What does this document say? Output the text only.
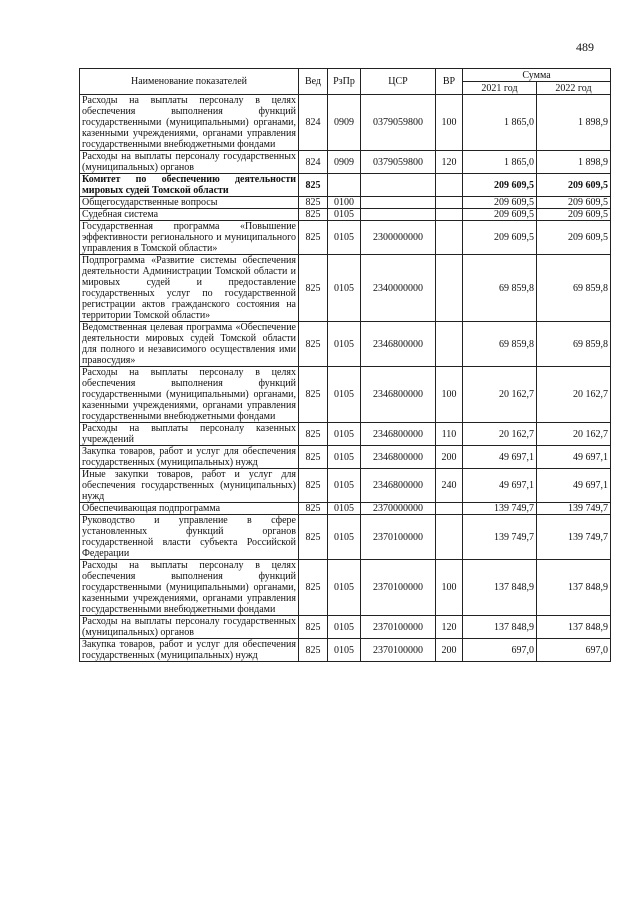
489
Наименование показателей	Вед	РзПр	ЦСР	ВР	Сумма	
					2021 год	2022 год
Расходы на выплаты персоналу в целях обеспечения выполнения функций государственными (муниципальными) органами, казенными учреждениями, органами управления государственными внебюджетными фондами	824	0909	0379059800	100	1 865,0	1 898,9
Расходы на выплаты персоналу государственных (муниципальных) органов	824	0909	0379059800	120	1 865,0	1 898,9
Комитет по обеспечению деятельности мировых судей Томской области	825				209 609,5	209 609,5
Общегосударственные вопросы	825	0100			209 609,5	209 609,5
Судебная система	825	0105			209 609,5	209 609,5
Государственная программа «Повышение эффективности регионального и муниципального управления в Томской области»	825	0105	2300000000		209 609,5	209 609,5
Подпрограмма «Развитие системы обеспечения деятельности Администрации Томской области и мировых судей и предоставление государственных услуг по государственной регистрации актов гражданского состояния на территории Томской области»	825	0105	2340000000		69 859,8	69 859,8
Ведомственная целевая программа «Обеспечение деятельности мировых судей Томской области для полного и независимого осуществления ими правосудия»	825	0105	2346800000		69 859,8	69 859,8
Расходы на выплаты персоналу в целях обеспечения выполнения функций государственными (муниципальными) органами, казенными учреждениями, органами управления государственными внебюджетными фондами	825	0105	2346800000	100	20 162,7	20 162,7
Расходы на выплаты персоналу казенных учреждений	825	0105	2346800000	110	20 162,7	20 162,7
Закупка товаров, работ и услуг для обеспечения государственных (муниципальных) нужд	825	0105	2346800000	200	49 697,1	49 697,1
Иные закупки товаров, работ и услуг для обеспечения государственных (муниципальных) нужд	825	0105	2346800000	240	49 697,1	49 697,1
Обеспечивающая подпрограмма	825	0105	2370000000		139 749,7	139 749,7
Руководство и управление в сфере установленных функций органов государственной власти субъекта Российской Федерации	825	0105	2370100000		139 749,7	139 749,7
Расходы на выплаты персоналу в целях обеспечения выполнения функций государственными (муниципальными) органами, казенными учреждениями, органами управления государственными внебюджетными фондами	825	0105	2370100000	100	137 848,9	137 848,9
Расходы на выплаты персоналу государственных (муниципальных) органов	825	0105	2370100000	120	137 848,9	137 848,9
Закупка товаров, работ и услуг для обеспечения государственных (муниципальных) нужд	825	0105	2370100000	200	697,0	697,0
